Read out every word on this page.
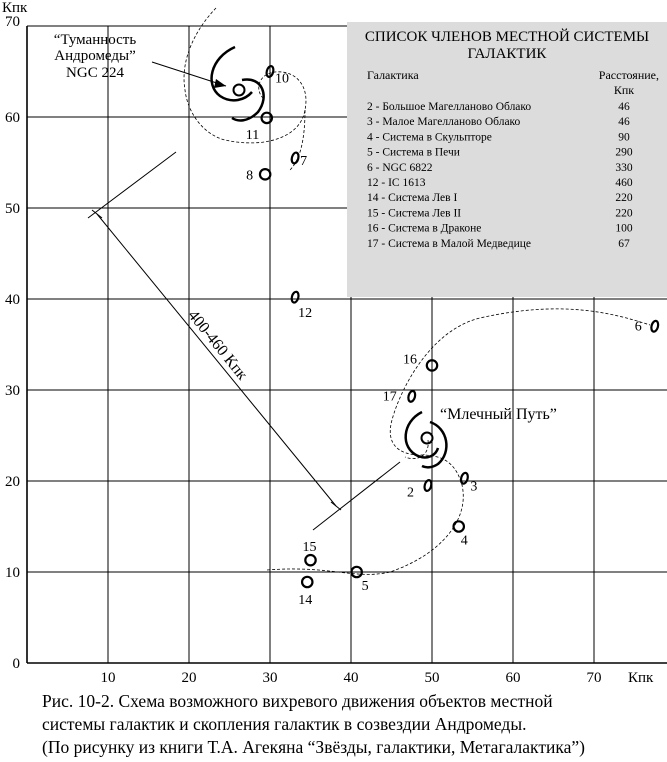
Кпк
Кпк
10	20	30	40	50	60	70
0
10
20
30
40
50
60
70
СПИСОК ЧЛЕНОВ МЕСТНОЙ СИСТЕМЫ
ГАЛАКТИК
Галактика	Расстояние,
Кпк
2 - Большое Магелланово Облако	46
3 - Малое Магелланово Облако	46
4 - Система в Скульпторе	90
5 - Система в Печи	290
6 - NGC 6822	330
12 - IC 1613	460
14 - Система Лев I	220
15 - Система Лев II	220
16 - Система в Драконе	100
17 - Система в Малой Медведице	67
“Туманность
Андромеды”
NGC 224
“Млечный Путь”
400-460 Кпк	6
16
17
2	3
4
5
15
14
12
10
11
7
8
Рис. 10-2. Схема возможного вихревого движения объектов местной
системы галактик и скопления галактик в созвездии Андромеды.
(По рисунку из книги Т.А. Агекяна “Звёзды, галактики, Метагалактика”)
